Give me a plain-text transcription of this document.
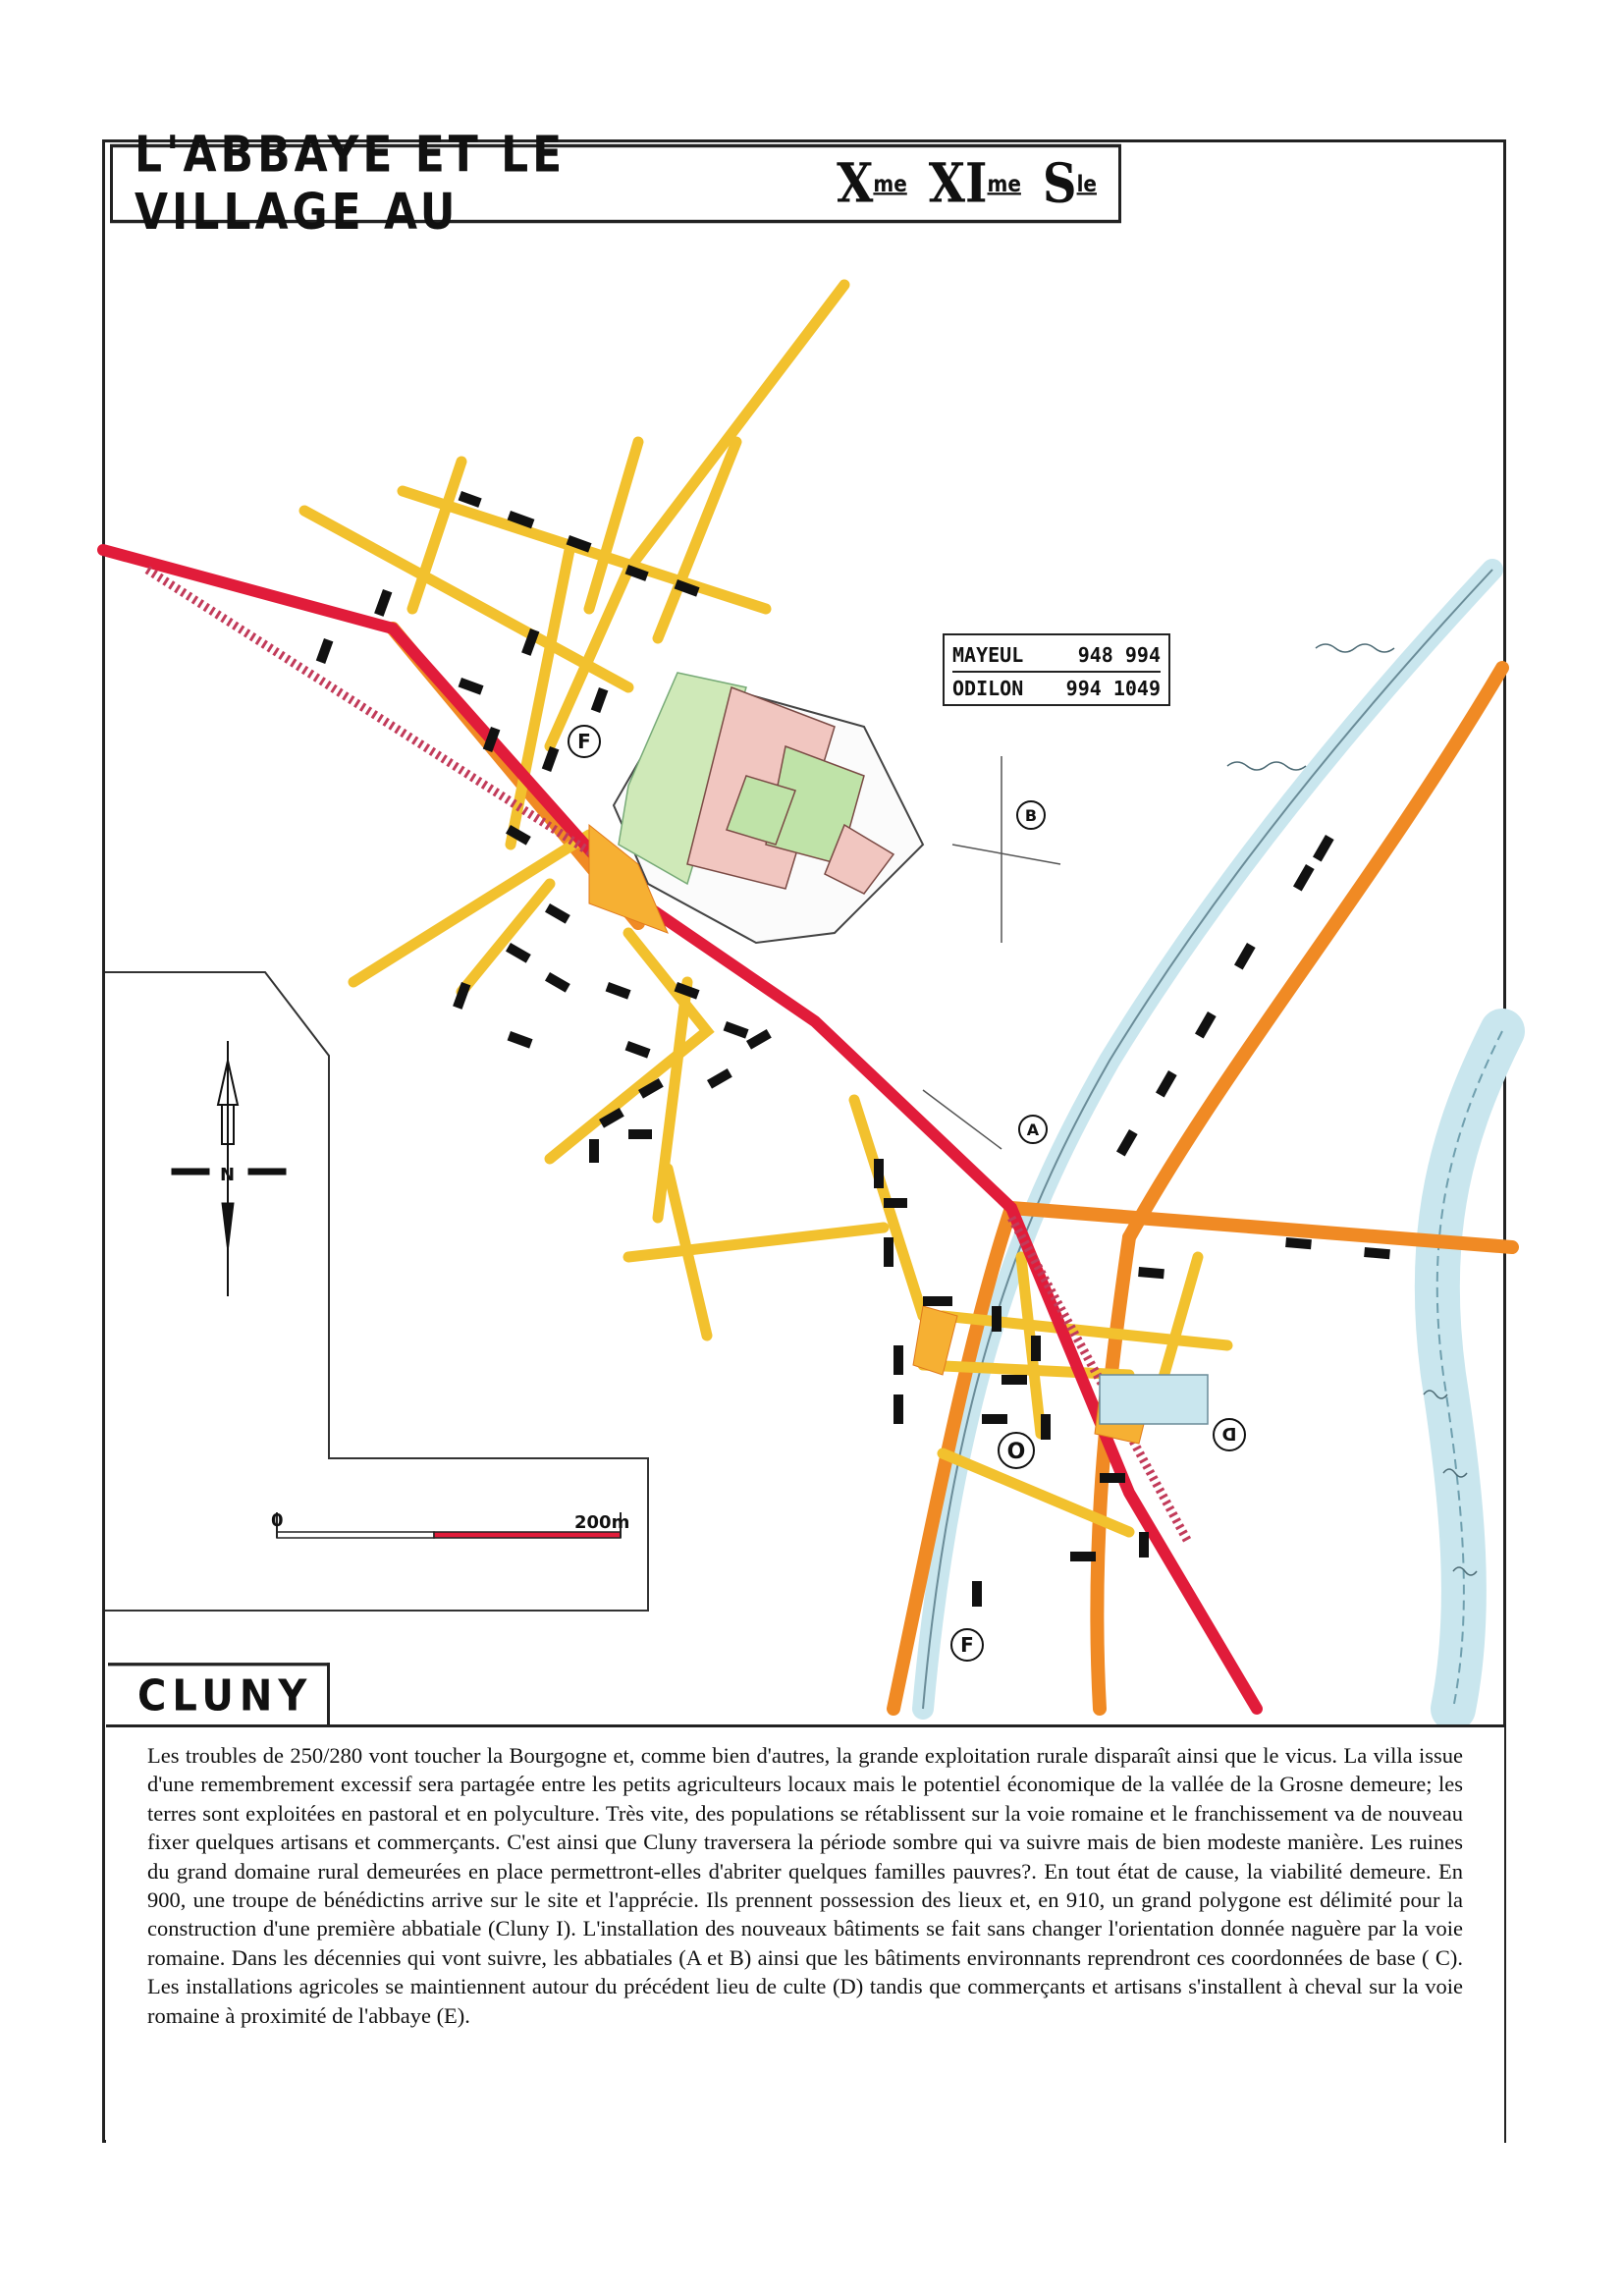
N
0	200m
F
B
A
D
O
F
L'ABBAYE ET LE VILLAGE AU
	X me XI me S le
MAYEUL	948 994
ODILON 994 1049
CLUNY
Les troubles de 250/280 vont toucher la Bourgogne et, comme bien d'autres, la grande exploitation rurale disparaît ainsi que le vicus. La villa issue d'une remembrement excessif sera partagée entre les petits agriculteurs locaux mais le potentiel économique de la vallée de la Grosne demeure; les terres sont exploitées en pastoral et en polyculture. Très vite, des populations se rétablissent sur la voie romaine et le franchissement va de nouveau fixer quelques artisans et commerçants. C'est ainsi que Cluny traversera la période sombre qui va suivre mais de bien modeste manière. Les ruines du grand domaine rural demeurées en place permettront-elles d'abriter quelques familles pauvres?. En tout état de cause, la viabilité demeure. En 900, une troupe de bénédictins arrive sur le site et l'apprécie. Ils prennent possession des lieux et, en 910, un grand polygone est délimité pour la construction d'une première abbatiale (Cluny I). L'installation des nouveaux bâtiments se fait sans changer l'orientation donnée naguère par la voie romaine. Dans les décennies qui vont suivre, les abbatiales (A et B) ainsi que les bâtiments environnants reprendront ces coordonnées de base ( C). Les installations agricoles se maintiennent autour du précédent lieu de culte (D) tandis que commerçants et artisans s'installent à cheval sur la voie romaine à proximité de l'abbaye (E).
